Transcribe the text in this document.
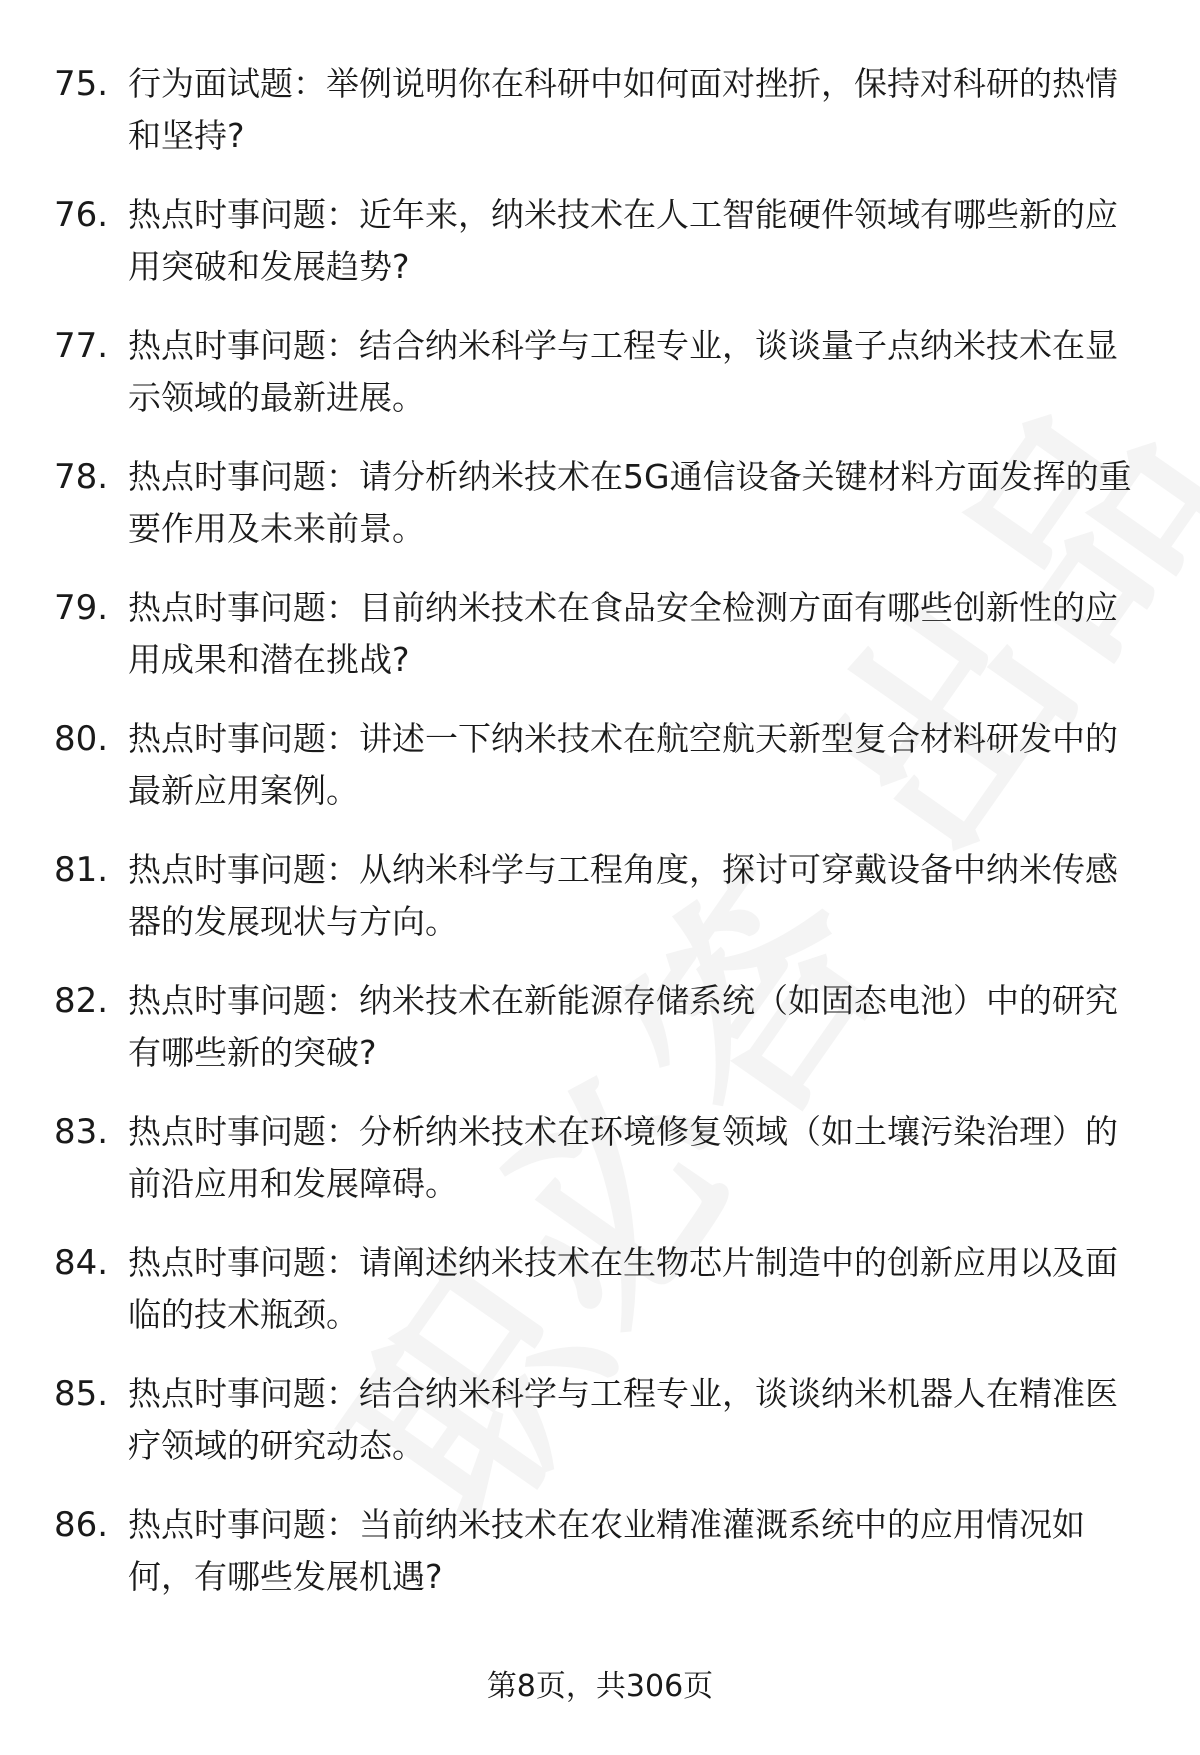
75. 行为面试题：举例说明你在科研中如何面对挫折，保持对科研的热情和坚持?
76. 热点时事问题：近年来，纳米技术在人工智能硬件领域有哪些新的应用突破和发展趋势?
77. 热点时事问题：结合纳米科学与工程专业，谈谈量子点纳米技术在显示领域的最新进展。
78. 热点时事问题：请分析纳米技术在5G通信设备关键材料方面发挥的重要作用及未来前景。
79. 热点时事问题：目前纳米技术在食品安全检测方面有哪些创新性的应用成果和潜在挑战?
80. 热点时事问题：讲述一下纳米技术在航空航天新型复合材料研发中的最新应用案例。
81. 热点时事问题：从纳米科学与工程角度，探讨可穿戴设备中纳米传感器的发展现状与方向。
82. 热点时事问题：纳米技术在新能源存储系统（如固态电池）中的研究有哪些新的突破?
83. 热点时事问题：分析纳米技术在环境修复领域（如土壤污染治理）的前沿应用和发展障碍。
84. 热点时事问题：请阐述纳米技术在生物芯片制造中的创新应用以及面临的技术瓶颈。
85. 热点时事问题：结合纳米科学与工程专业，谈谈纳米机器人在精准医疗领域的研究动态。
86. 热点时事问题：当前纳米技术在农业精准灌溉系统中的应用情况如何，有哪些发展机遇?
第8页，共306页
